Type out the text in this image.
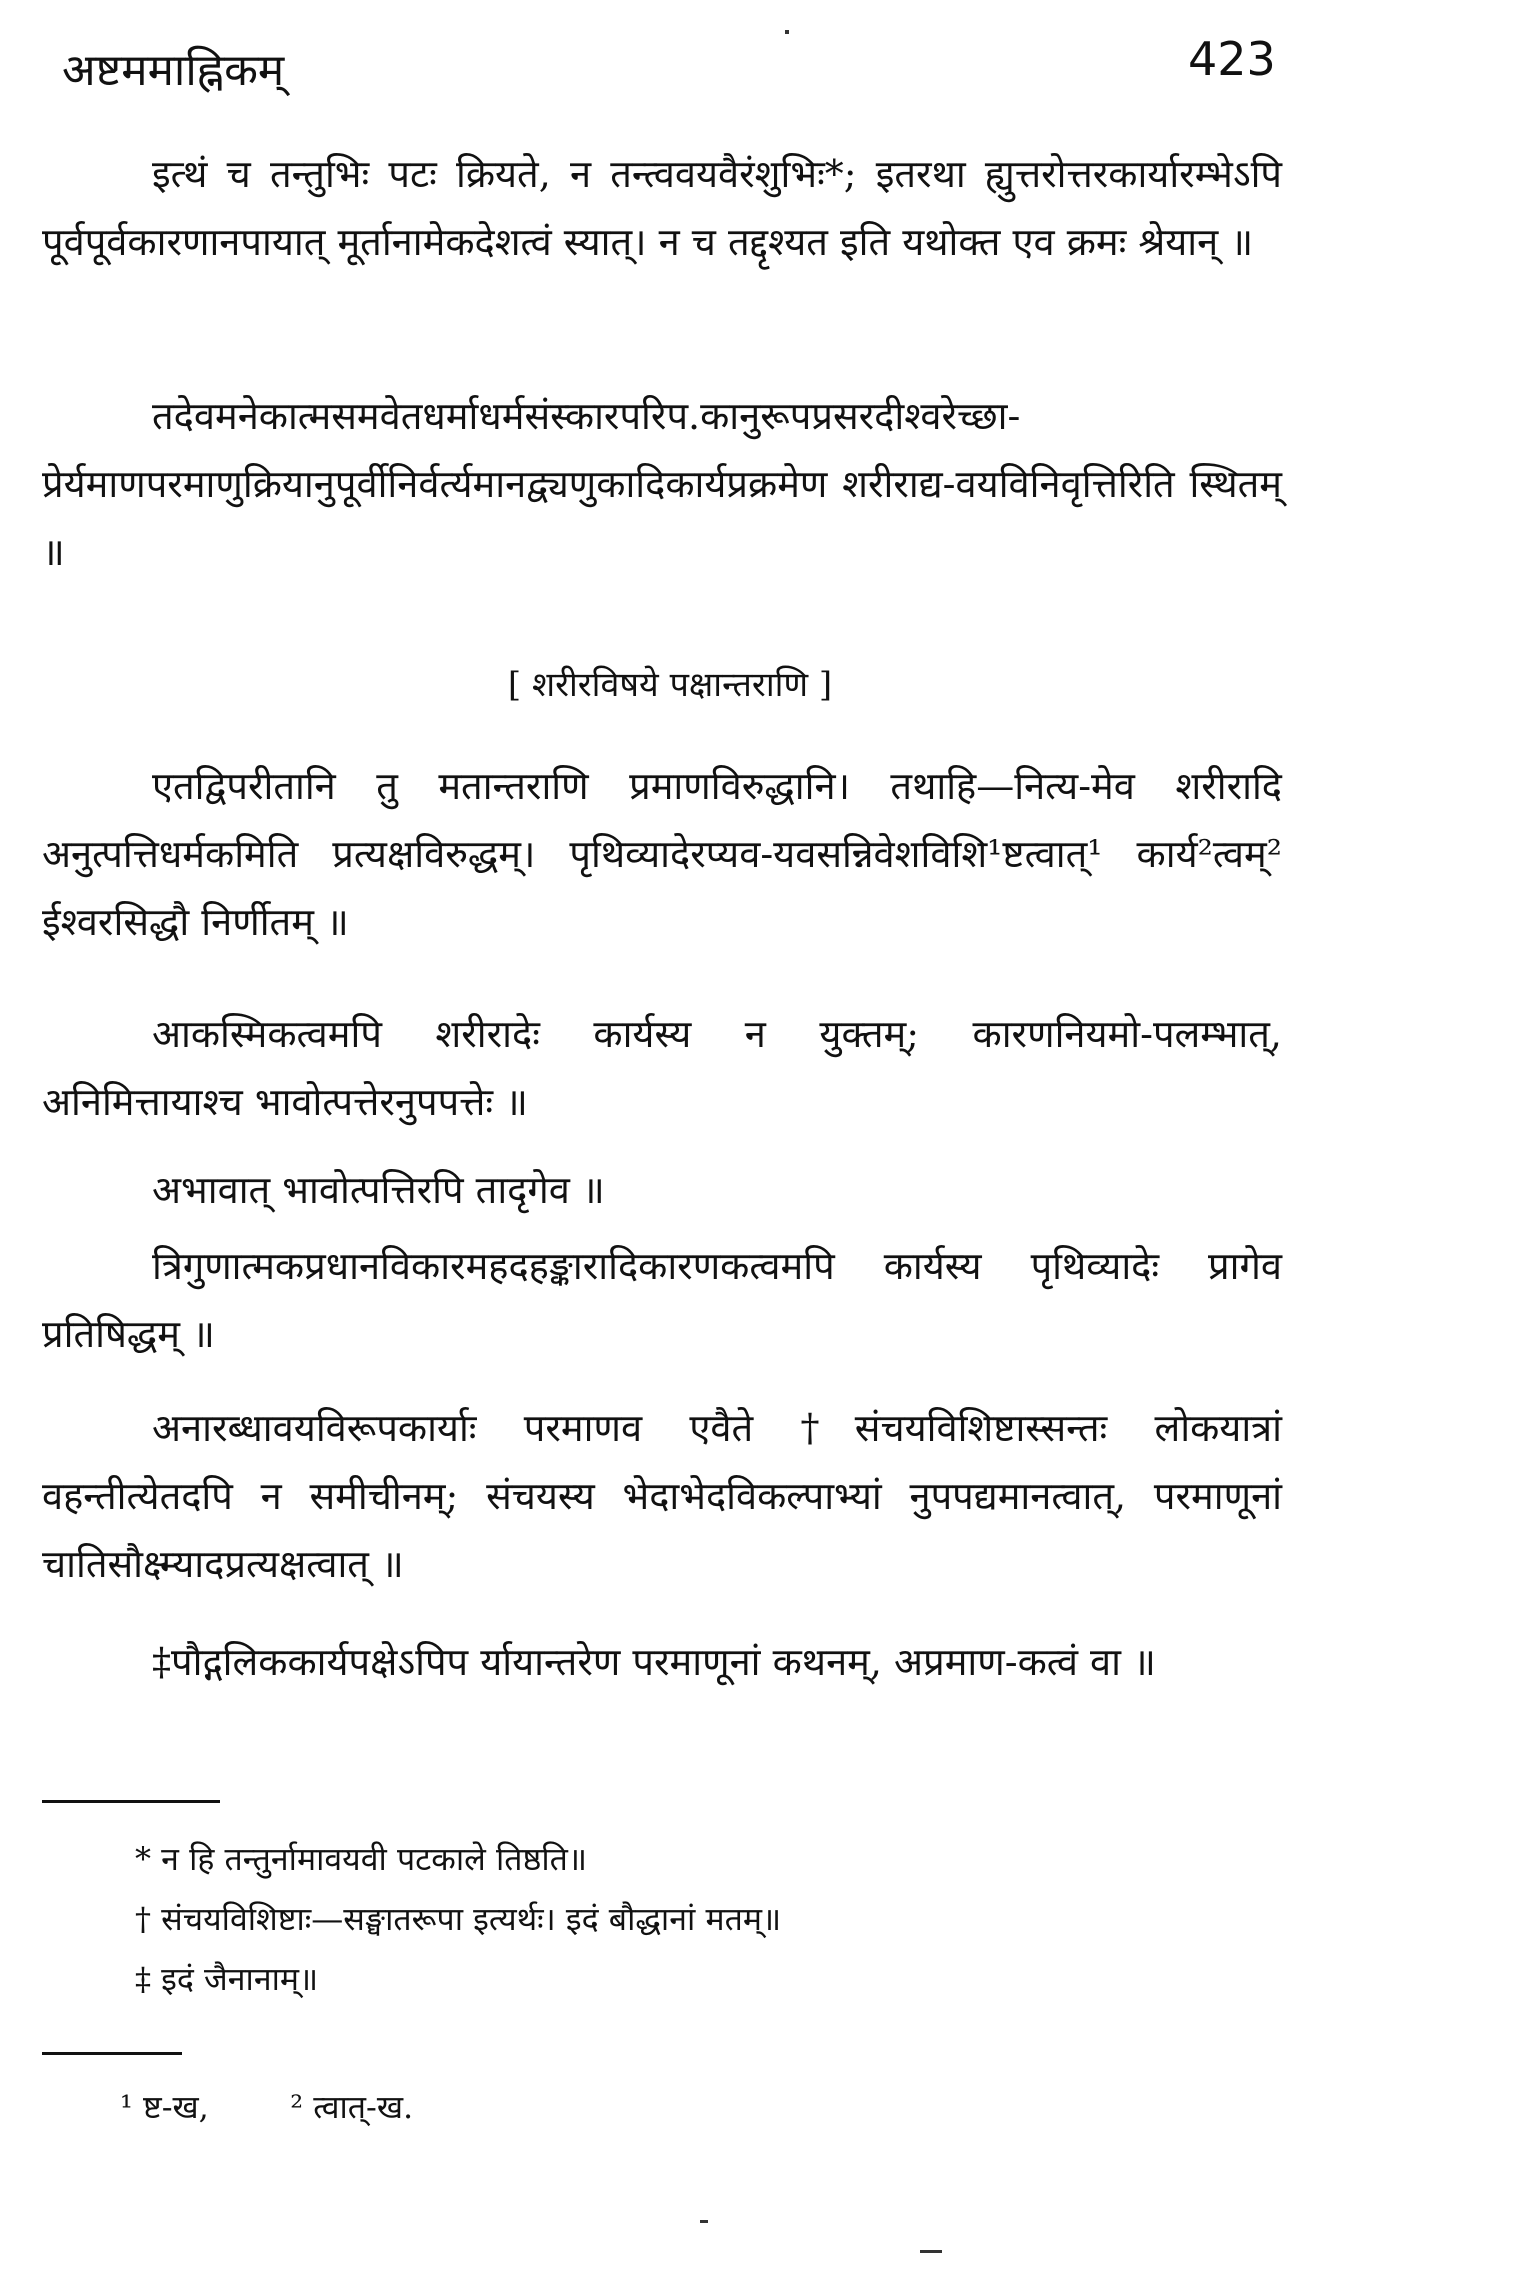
अष्टममाह्निकम्	423
इत्थं च तन्तुभिः पटः क्रियते, न तन्त्ववयवैरंशुभिः*; इतरथा ह्युत्तरोत्तरकार्यारम्भेऽपि पूर्वपूर्वकारणानपायात् मूर्तानामेकदेशत्वं स्यात्। न च तद्दृश्यत इति यथोक्त एव क्रमः श्रेयान् ॥
तदेवमनेकात्मसमवेतधर्माधर्मसंस्कारपरिप.कानुरूपप्रसरदीश्वरेच्छा-प्रेर्यमाणपरमाणुक्रियानुपूर्वीनिर्वर्त्यमानद्व्यणुकादिकार्यप्रक्रमेण शरीराद्य-वयविनिवृत्तिरिति स्थितम् ॥
[ शरीरविषये पक्षान्तराणि ]
एतद्विपरीतानि तु मतान्तराणि प्रमाणविरुद्धानि। तथाहि—नित्य-मेव शरीरादि अनुत्पत्तिधर्मकमिति प्रत्यक्षविरुद्धम्। पृथिव्यादेरप्यव-यवसन्निवेशविशि¹ष्टत्वात्¹ कार्य²त्वम्² ईश्वरसिद्धौ निर्णीतम् ॥
आकस्मिकत्वमपि शरीरादेः कार्यस्य न युक्तम्; कारणनियमो-पलम्भात्, अनिमित्तायाश्च भावोत्पत्तेरनुपपत्तेः ॥
अभावात् भावोत्पत्तिरपि तादृगेव ॥
त्रिगुणात्मकप्रधानविकारमहदहङ्कारादिकारणकत्वमपि कार्यस्य पृथिव्यादेः प्रागेव प्रतिषिद्धम् ॥
अनारब्धावयविरूपकार्याः परमाणव एवैते †संचयविशिष्टास्सन्तः लोकयात्रां वहन्तीत्येतदपि न समीचीनम्; संचयस्य भेदाभेदविकल्पाभ्यां नुपपद्यमानत्वात्, परमाणूनां चातिसौक्ष्म्यादप्रत्यक्षत्वात् ॥
‡पौद्गलिककार्यपक्षेऽपिप र्यायान्तरेण परमाणूनां कथनम्, अप्रमाण-कत्वं वा ॥
* न हि तन्तुर्नामावयवी पटकाले तिष्ठति॥
† संचयविशिष्टाः—सङ्घातरूपा इत्यर्थः। इदं बौद्धानां मतम्॥
‡ इदं जैनानाम्॥
¹ ष्ट-ख,        ² त्वात्-ख.
